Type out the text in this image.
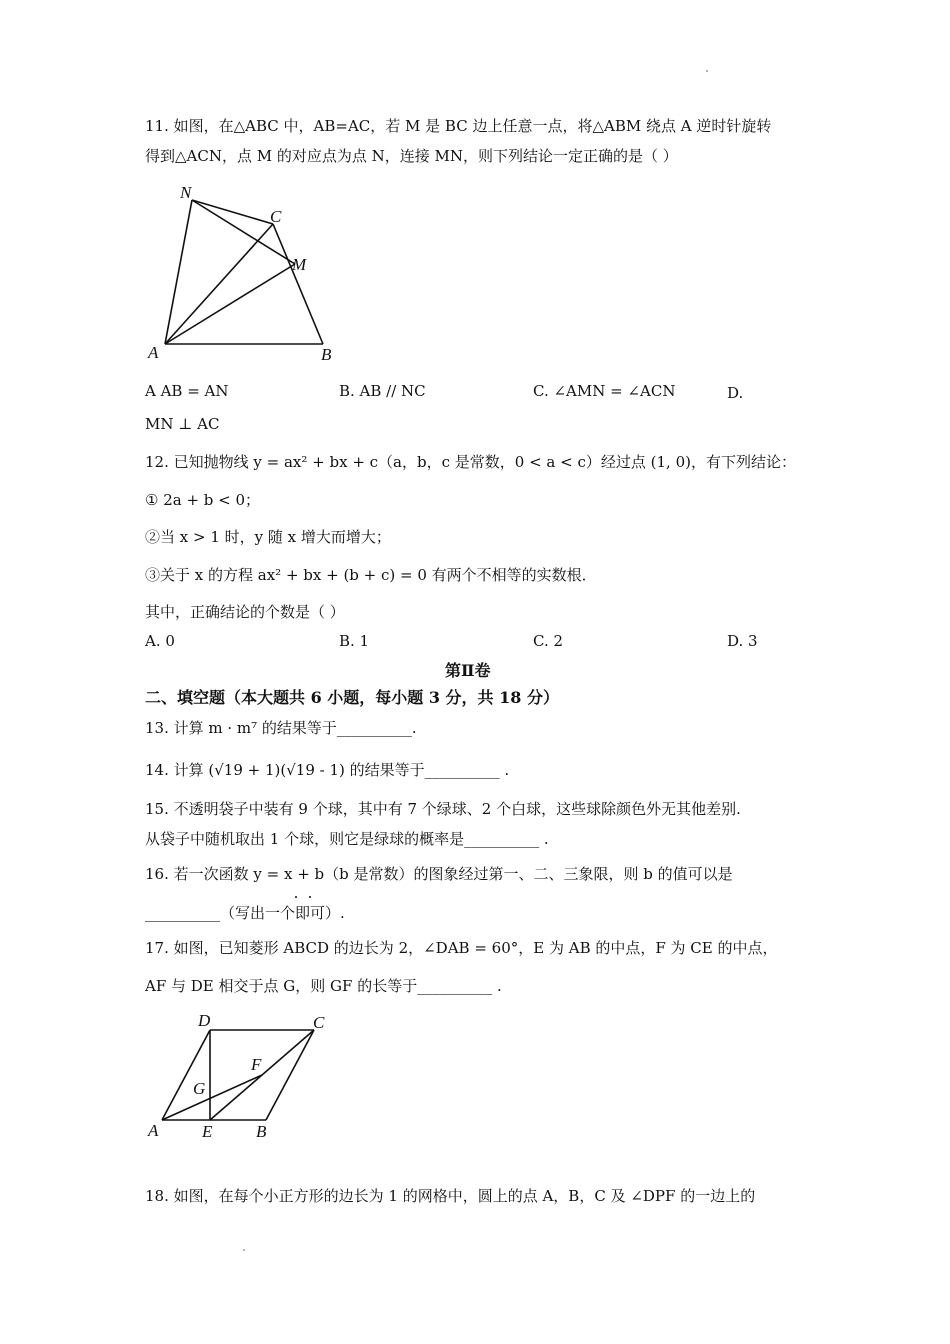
11. 如图，在△ABC 中，AB=AC，若 M 是 BC 边上任意一点，将△ABM 绕点 A 逆时针旋转
得到△ACN，点 M 的对应点为点 N，连接 MN，则下列结论一定正确的是（ ）
N
C
M
A	B
A AB = AN	B. AB // NC	C. ∠AMN = ∠ACN	D.
MN ⊥ AC
12. 已知抛物线 y = ax² + bx + c（a，b，c 是常数，0 < a < c）经过点 (1, 0)，有下列结论：
① 2a + b < 0；
②当 x > 1 时，y 随 x 增大而增大；
③关于 x 的方程 ax² + bx + (b + c) = 0 有两个不相等的实数根．
其中，正确结论的个数是（ ）
A. 0	B. 1	C. 2	D. 3
第Ⅱ卷
二、填空题（本大题共 6 小题，每小题 3 分，共 18 分）
13. 计算 m · m⁷ 的结果等于__________.
14. 计算 (√19 + 1)(√19 - 1) 的结果等于__________ .
15. 不透明袋子中装有 9 个球，其中有 7 个绿球、2 个白球，这些球除颜色外无其他差别.
从袋子中随机取出 1 个球，则它是绿球的概率是__________ .
16. 若一次函数 y = x + b（b 是常数）的图象经过第一、二、三象限，则 b 的值可以是
__________（写出一个即可）.
17. 如图，已知菱形 ABCD 的边长为 2，∠DAB = 60°，E 为 AB 的中点，F 为 CE 的中点，
AF 与 DE 相交于点 G，则 GF 的长等于__________ .
D	C
F
G
A	E	B
18. 如图，在每个小正方形的边长为 1 的网格中，圆上的点 A，B，C 及 ∠DPF 的一边上的
